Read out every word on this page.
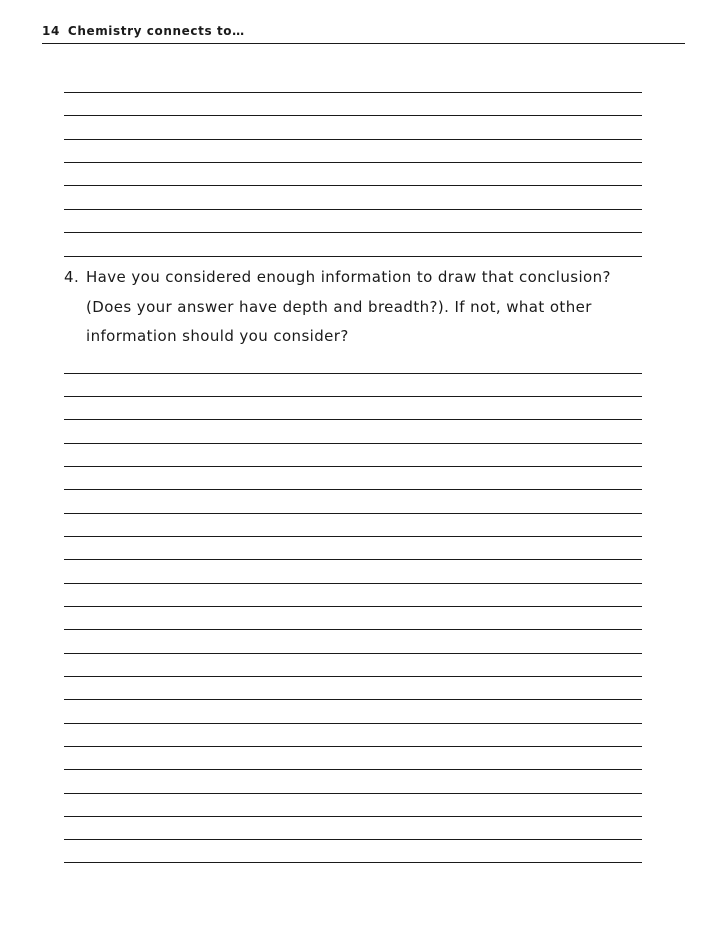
14 Chemistry connects to…
4. Have you considered enough information to draw that conclusion?
(Does your answer have depth and breadth?). If not, what other
information should you consider?
